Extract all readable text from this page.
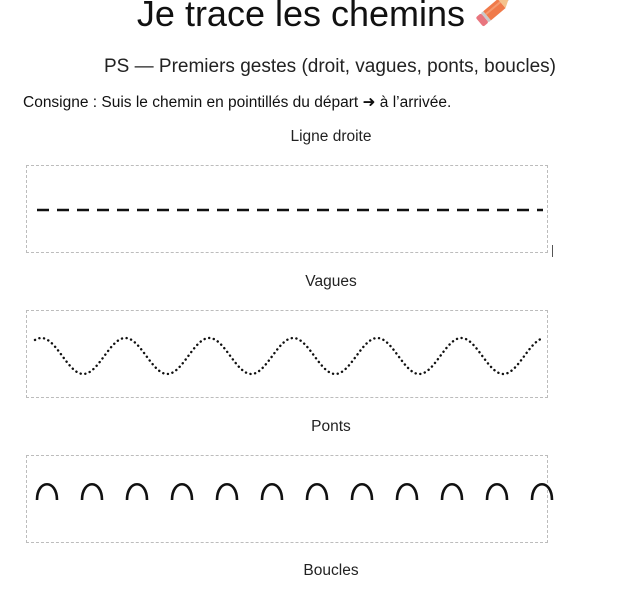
Je trace les chemins
PS — Premiers gestes (droit, vagues, ponts, boucles)
Consigne : Suis le chemin en pointillés du départ ➜ à l’arrivée.
Ligne droite
Vagues
Ponts
Boucles
